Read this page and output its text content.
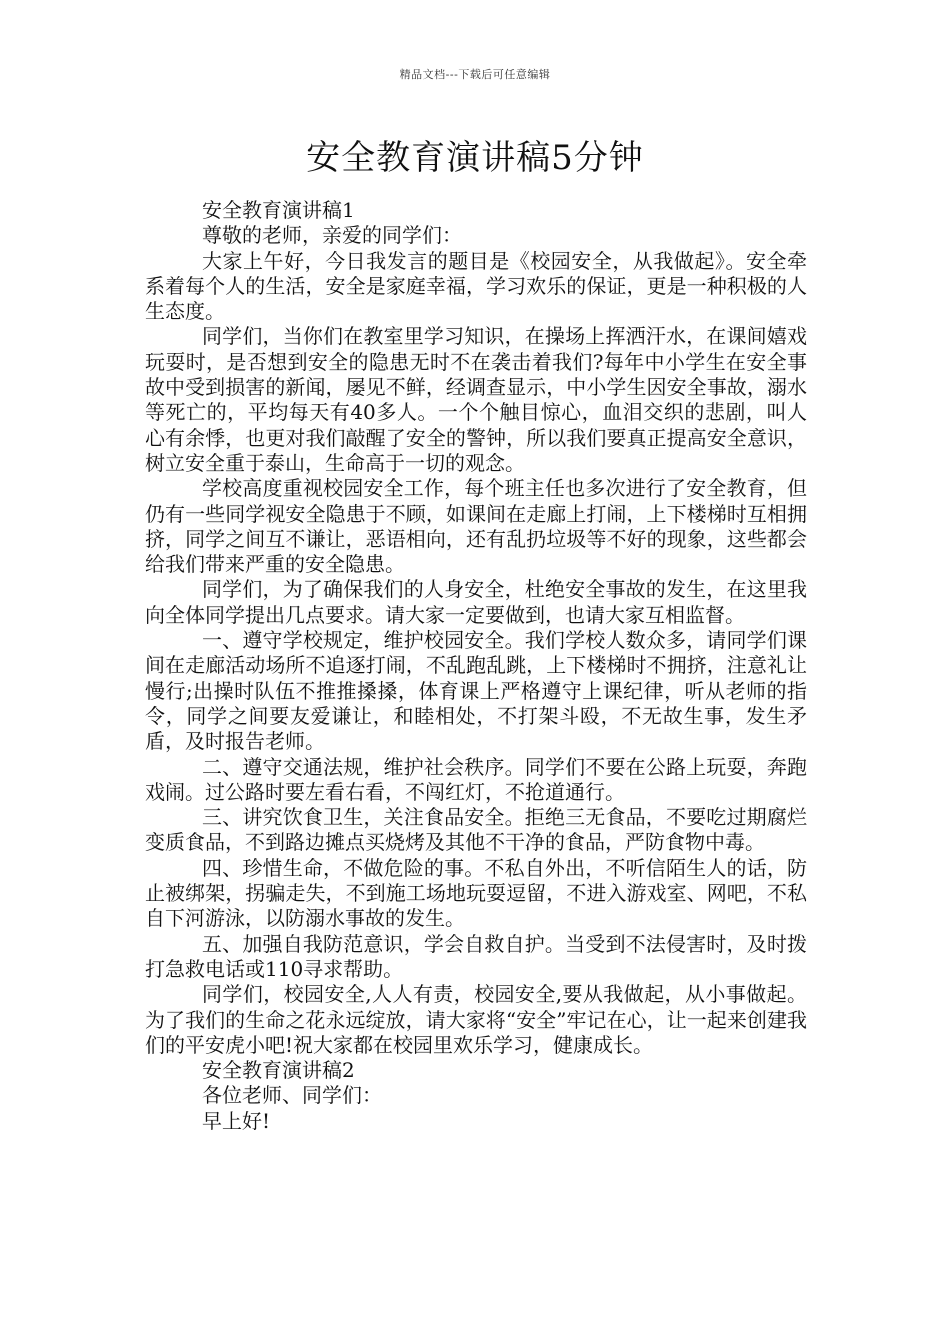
精品文档---下载后可任意编辑
安全教育演讲稿5分钟

安全教育演讲稿1

尊敬的老师，亲爱的同学们：

大家上午好，今日我发言的题目是《校园安全，从我做起》。安全牵系着每个人的生活，安全是家庭幸福，学习欢乐的保证，更是一种积极的人生态度。

同学们，当你们在教室里学习知识，在操场上挥洒汗水，在课间嬉戏玩耍时，是否想到安全的隐患无时不在袭击着我们?每年中小学生在安全事故中受到损害的新闻，屡见不鲜，经调查显示，中小学生因安全事故，溺水等死亡的，平均每天有40多人。一个个触目惊心，血泪交织的悲剧，叫人心有余悸，也更对我们敲醒了安全的警钟，所以我们要真正提高安全意识，树立安全重于泰山，生命高于一切的观念。

学校高度重视校园安全工作，每个班主任也多次进行了安全教育，但仍有一些同学视安全隐患于不顾，如课间在走廊上打闹，上下楼梯时互相拥挤，同学之间互不谦让，恶语相向，还有乱扔垃圾等不好的现象，这些都会给我们带来严重的安全隐患。

同学们，为了确保我们的人身安全，杜绝安全事故的发生，在这里我向全体同学提出几点要求。请大家一定要做到，也请大家互相监督。

一、遵守学校规定，维护校园安全。我们学校人数众多，请同学们课间在走廊活动场所不追逐打闹，不乱跑乱跳，上下楼梯时不拥挤，注意礼让慢行;出操时队伍不推推搡搡，体育课上严格遵守上课纪律，听从老师的指令，同学之间要友爱谦让，和睦相处，不打架斗殴，不无故生事，发生矛盾，及时报告老师。

二、遵守交通法规，维护社会秩序。同学们不要在公路上玩耍，奔跑戏闹。过公路时要左看右看，不闯红灯，不抢道通行。

三、讲究饮食卫生，关注食品安全。拒绝三无食品，不要吃过期腐烂变质食品，不到路边摊点买烧烤及其他不干净的食品，严防食物中毒。

四、珍惜生命，不做危险的事。不私自外出，不听信陌生人的话，防止被绑架，拐骗走失，不到施工场地玩耍逗留，不进入游戏室、网吧，不私自下河游泳，以防溺水事故的发生。

五、加强自我防范意识，学会自救自护。当受到不法侵害时，及时拨打急救电话或110寻求帮助。

同学们，校园安全,人人有责，校园安全,要从我做起，从小事做起。为了我们的生命之花永远绽放，请大家将“安全”牢记在心，让一起来创建我们的平安虎小吧!祝大家都在校园里欢乐学习，健康成长。

安全教育演讲稿2

各位老师、同学们：

早上好!
